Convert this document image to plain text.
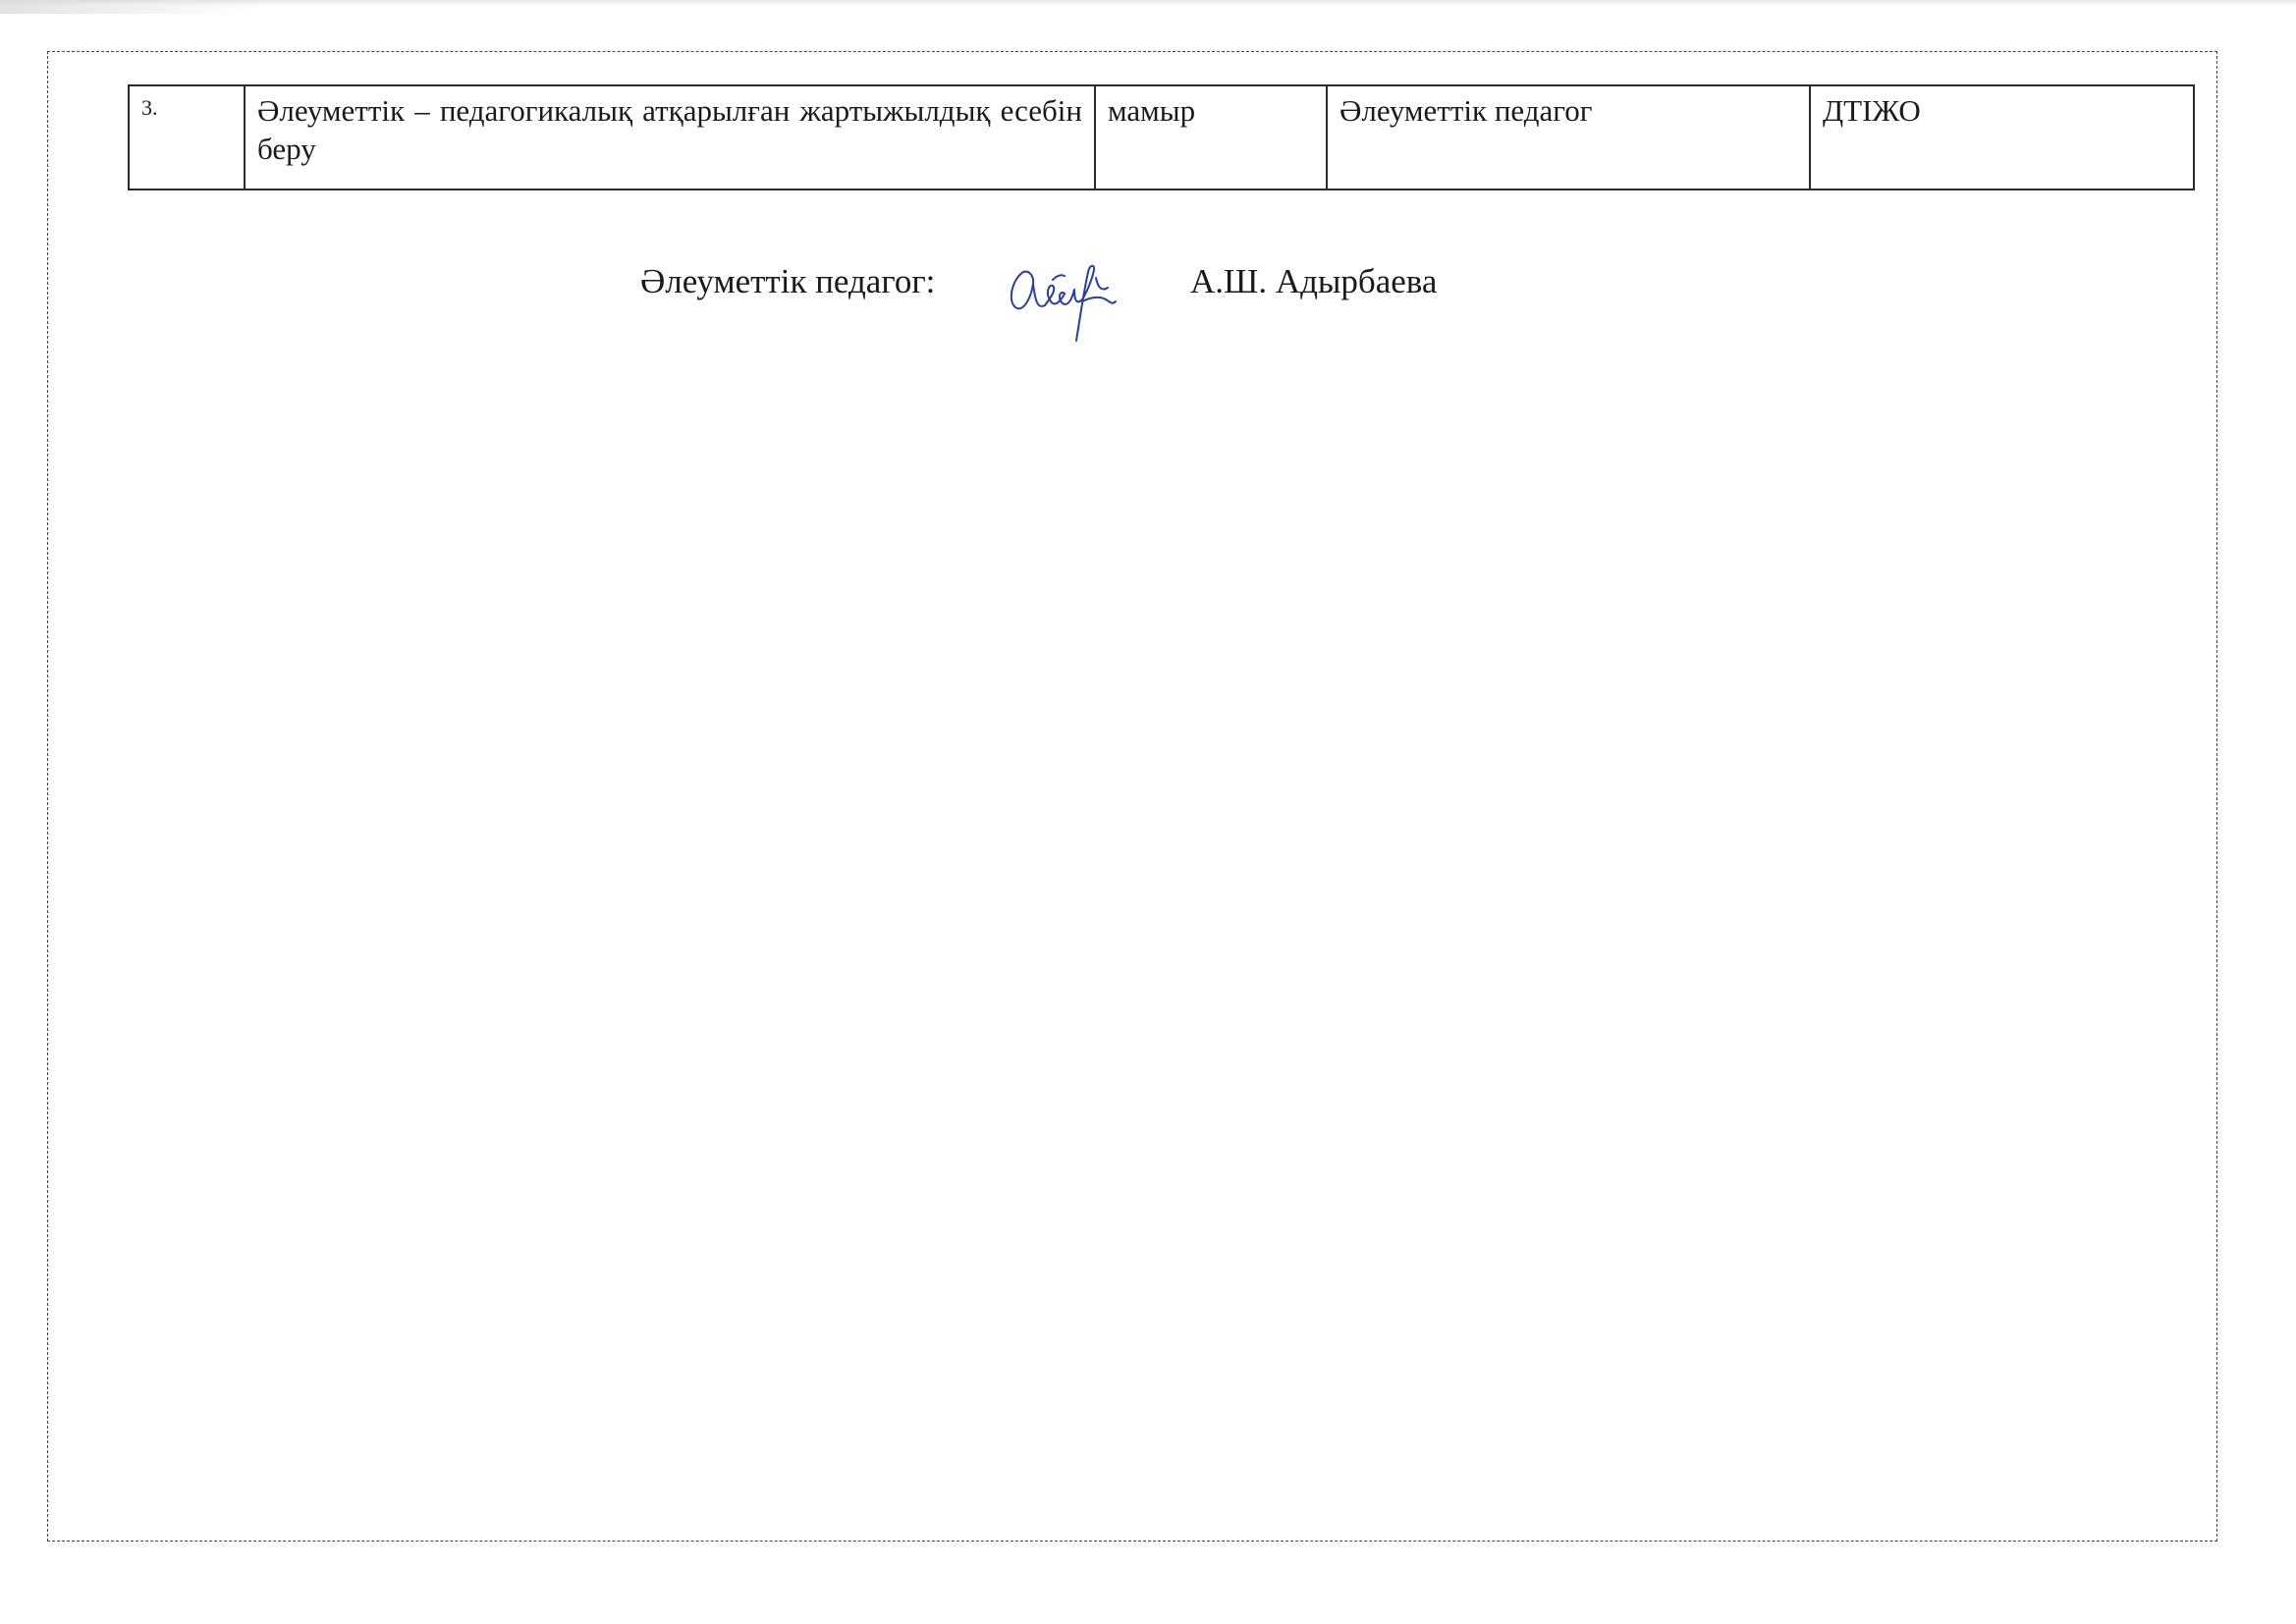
3.	Әлеуметтік – педагогикалық атқарылған жартыжылдық есебін беру	мамыр	Әлеуметтік педагог	ДТІЖО
Әлеуметтік педагог:	А.Ш. Адырбаева
